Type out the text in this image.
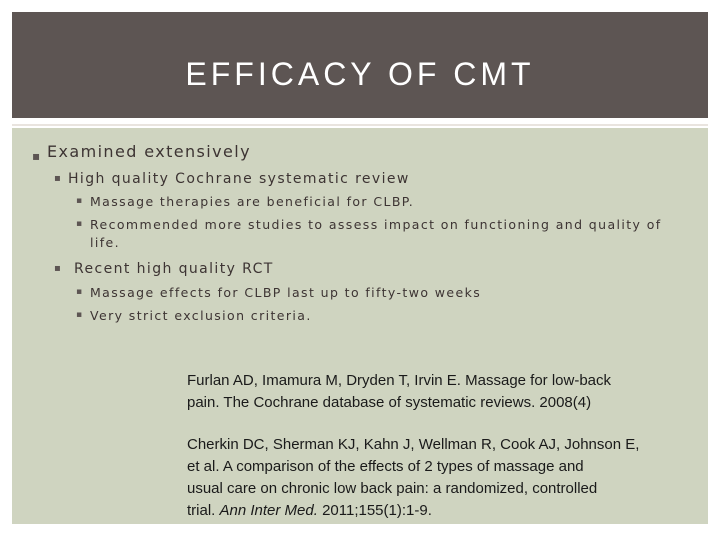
EFFICACY OF CMT
▪ Examined extensively
▪ High quality Cochrane systematic review
▪ Massage therapies are beneficial for CLBP.
▪ Recommended more studies to assess impact on functioning and quality of
life.
▪ Recent high quality RCT
▪ Massage effects for CLBP last up to fifty-two weeks
▪ Very strict exclusion criteria.
Furlan AD, Imamura M, Dryden T, Irvin E. Massage for low-back
pain. The Cochrane database of systematic reviews. 2008(4)
Cherkin DC, Sherman KJ, Kahn J, Wellman R, Cook AJ, Johnson E,
et al. A comparison of the effects of 2 types of massage and
usual care on chronic low back pain: a randomized, controlled
trial. Ann Inter Med. 2011;155(1):1-9.
